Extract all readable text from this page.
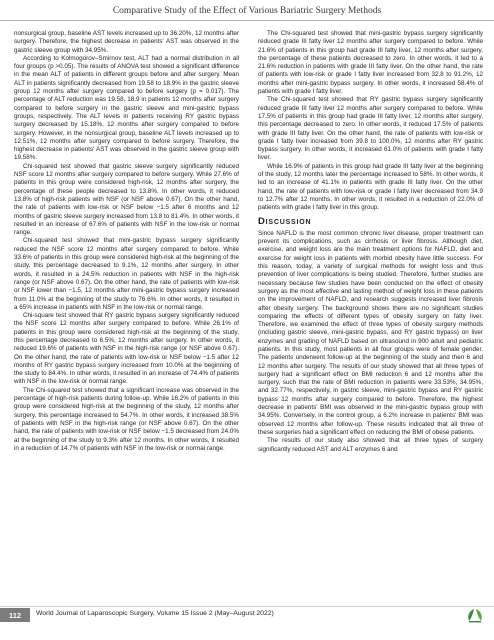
Comparative Study of the Effect of Various Bariatric Surgery Methods

nonsurgical group, baseline AST levels increased up to 36.20%, 12 months after surgery. Therefore, the highest decrease in patients' AST was observed in the gastric sleeve group with 34.95%.

According to Kolmogorov–Smirnov test, ALT had a normal distribution in all four groups (p >0.05). The results of ANOVA test showed a significant difference in the mean ALT of patients in different groups before and after surgery. Mean ALT in patients significantly decreased from 19.58 to 18.9% in the gastric sleeve group 12 months after surgery compared to before surgery (p = 0.017). The percentage of ALT reduction was 19.58, 18.9 in patients 12 months after surgery compared to before surgery in the gastric sleeve and mini-gastric bypass groups, respectively. The ALT levels in patients receiving RY gastric bypass surgery decreased by 15.18%, 12 months after surgery compared to before surgery. However, in the nonsurgical group, baseline ALT levels increased up to 12.51%, 12 months after surgery compared to before surgery. Therefore, the highest decrease in patients' AST was observed in the gastric sleeve group with 19.58%.

Chi-squared test showed that gastric sleeve surgery significantly reduced NSF score 12 months after surgery compared to before surgery. While 27.6% of patients in this group were considered high-risk, 12 months after surgery, the percentage of these people decreased to 13.8%. In other words, it reduced 13.8% of high-risk patients with NSF (or NSF above 0.67). On the other hand, the rate of patients with low-risk or NSF below −1.5 after 6 months and 12 months of gastric sleeve surgery increased from 13.8 to 81.4%. In other words, it resulted in an increase of 67.6% of patients with NSF in the low-risk or normal range.

Chi-squared test showed that mini-gastric bypass surgery significantly reduced the NSF score 12 months after surgery compared to before. While 33.6% of patients in this group were considered high-risk at the beginning of the study, this percentage decreased to 9.1%, 12 months after surgery. In other words, it resulted in a 24.5% reduction in patients with NSF in the high-risk range (or NSF above 0.67). On the other hand, the rate of patients with low-risk or NSF lower than −1.5, 12 months after mini-gastric bypass surgery increased from 11.0% at the beginning of the study to 76.6%. In other words, it resulted in a 65% increase in patients with NSF in the low-risk or normal range.

Chi-square test showed that RY gastric bypass surgery significantly reduced the NSF score 12 months after surgery compared to before. While 26.1% of patients in this group were considered high-risk at the beginning of the study, this percentage decreased to 6.5%, 12 months after surgery. In other words, it reduced 19.6% of patients with NSF in the high-risk range (or NSF above 0.67). On the other hand, the rate of patients with low-risk or NSF below −1.5 after 12 months of RY gastric bypass surgery increased from 10.0% at the beginning of the study to 84.4%. In other words, it resulted in an increase of 74.4% of patients with NSF in the low-risk or normal range.

The Chi-squared test showed that a significant increase was observed in the percentage of high-risk patients during follow-up. While 16.2% of patients in this group were considered high-risk at the beginning of the study, 12 months after surgery, this percentage increased to 54.7%. In other words, it increased 38.5% of patients with NSF in the high-risk range (or NSF above 0.67). On the other hand, the rate of patients with low-risk or NSF below −1.5 decreased from 24.0% at the beginning of the study to 9.3% after 12 months. In other words, it resulted in a reduction of 14.7% of patients with NSF in the low-risk or normal range.

The Chi-squared test showed that mini-gastric bypass surgery significantly reduced grade III fatty liver 12 months after surgery compared to before. While 21.6% of patients in this group had grade III fatty liver, 12 months after surgery, the percentage of these patients decreased to zero. In other words, it led to a 21.6% reduction in patients with grade III fatty liver. On the other hand, the rate of patients with low-risk or grade I fatty liver increased from 32.8 to 91.2%, 12 months after mini-gastric bypass surgery. In other words, it increased 58.4% of patients with grade I fatty liver.

The Chi-squared test showed that RY gastric bypass surgery significantly reduced grade III fatty liver 12 months after surgery compared to before. While 17.5% of patients in this group had grade III fatty liver, 12 months after surgery, this percentage decreased to zero. In other words, it reduced 17.5% of patients with grade III fatty liver. On the other hand, the rate of patients with low-risk or grade I fatty liver increased from 39.8 to 100.0%, 12 months after RY gastric bypass surgery. In other words, it increased 61.0% of patients with grade I fatty liver.

While 16.9% of patients in this group had grade III fatty liver at the beginning of the study, 12 months later the percentage increased to 58%. In other words, it led to an increase of 41.1% in patients with grade III fatty liver. On the other hand, the rate of patients with low-risk or grade I fatty liver decreased from 34.9 to 12.7% after 12 months. In other words, it resulted in a reduction of 22.0% of patients with grade I fatty liver in this group.

Discussion

Since NAFLD is the most common chronic liver disease, proper treatment can prevent its complications, such as cirrhosis or liver fibrosis. Although diet, exercise, and weight loss are the main treatment options for NAFLD, diet and exercise for weight loss in patients with morbid obesity have little success. For this reason, today, a variety of surgical methods for weight loss and thus prevention of liver complications is being studied. Therefore, further studies are necessary because few studies have been conducted on the effect of obesity surgery as the most effective and lasting method of weight loss in these patients on the improvement of NAFLD, and research suggests increased liver fibrosis after obesity surgery. The background shows there are no significant studies comparing the effects of different types of obesity surgery on fatty liver. Therefore, we examined the effect of three types of obesity surgery methods (including gastric sleeve, mini-gastric bypass, and RY gastric bypass) on liver enzymes and grading of NAFLD based on ultrasound in 900 adult and pediatric patients. In this study, most patients in all four groups were of female gender. The patients underwent follow-up at the beginning of the study and then 6 and 12 months after surgery. The results of our study showed that all three types of surgery had a significant effect on BMI reduction 6 and 12 months after the surgery, such that the rate of BMI reduction in patients were 33.53%, 34.95%, and 32.77%, respectively, in gastric sleeve, mini-gastric bypass and RY gastric bypass 12 months after surgery compared to before. Therefore, the highest decrease in patients' BMI was observed in the mini-gastric bypass group with 34.95%. Conversely, in the control group, a 6.2% increase in patients' BMI was observed 12 months after follow-up. These results indicated that all three of these surgeries had a significant effect on reducing the BMI of obese patients.

The results of our study also showed that all three types of surgery significantly reduced AST and ALT enzymes 6 and

112	World Journal of Laparoscopic Surgery, Volume 15 Issue 2 (May–August 2022)
